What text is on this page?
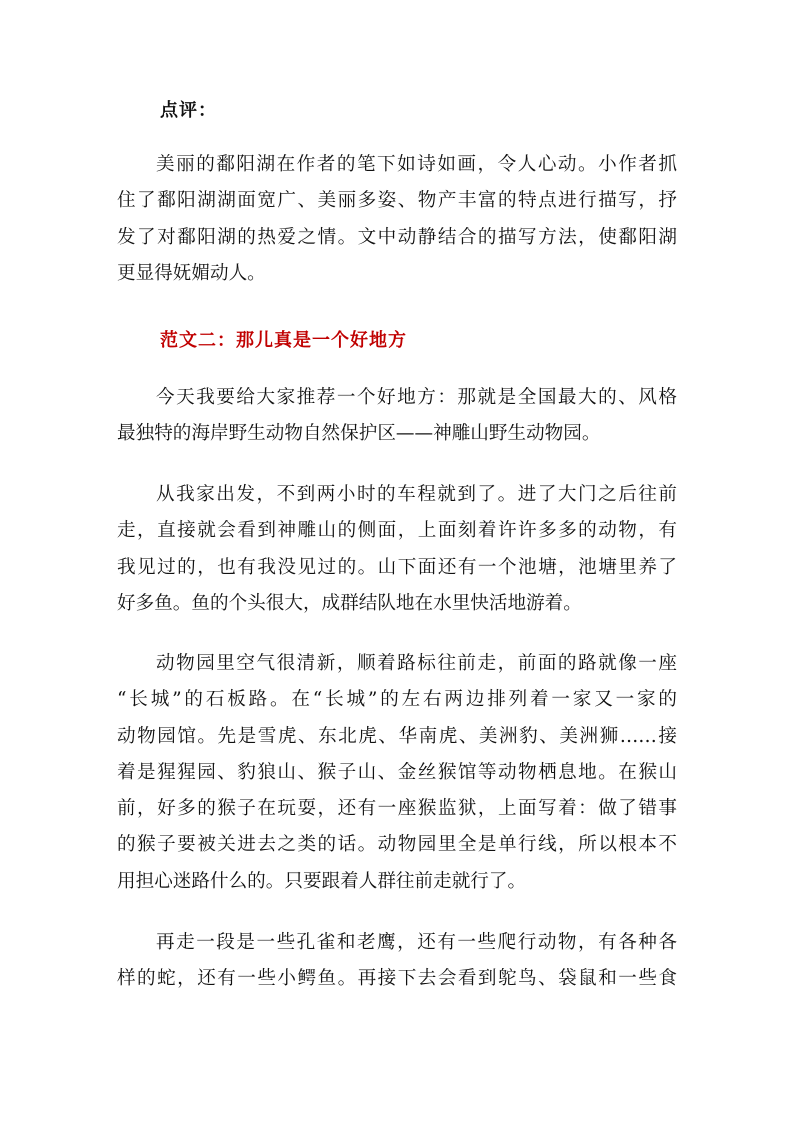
点评：
美丽的鄱阳湖在作者的笔下如诗如画，令人心动。小作者抓
住了鄱阳湖湖面宽广、美丽多姿、物产丰富的特点进行描写，抒
发了对鄱阳湖的热爱之情。文中动静结合的描写方法，使鄱阳湖
更显得妩媚动人。
范文二：那儿真是一个好地方
今天我要给大家推荐一个好地方：那就是全国最大的、风格
最独特的海岸野生动物自然保护区——神雕山野生动物园。
从我家出发，不到两小时的车程就到了。进了大门之后往前
走，直接就会看到神雕山的侧面，上面刻着许许多多的动物，有
我见过的，也有我没见过的。山下面还有一个池塘，池塘里养了
好多鱼。鱼的个头很大，成群结队地在水里快活地游着。
动物园里空气很清新，顺着路标往前走，前面的路就像一座
“长城”的石板路。在“长城”的左右两边排列着一家又一家的
动物园馆。先是雪虎、东北虎、华南虎、美洲豹、美洲狮……接
着是猩猩园、豹狼山、猴子山、金丝猴馆等动物栖息地。在猴山
前，好多的猴子在玩耍，还有一座猴监狱，上面写着：做了错事
的猴子要被关进去之类的话。动物园里全是单行线，所以根本不
用担心迷路什么的。只要跟着人群往前走就行了。
再走一段是一些孔雀和老鹰，还有一些爬行动物，有各种各
样的蛇，还有一些小鳄鱼。再接下去会看到鸵鸟、袋鼠和一些食
